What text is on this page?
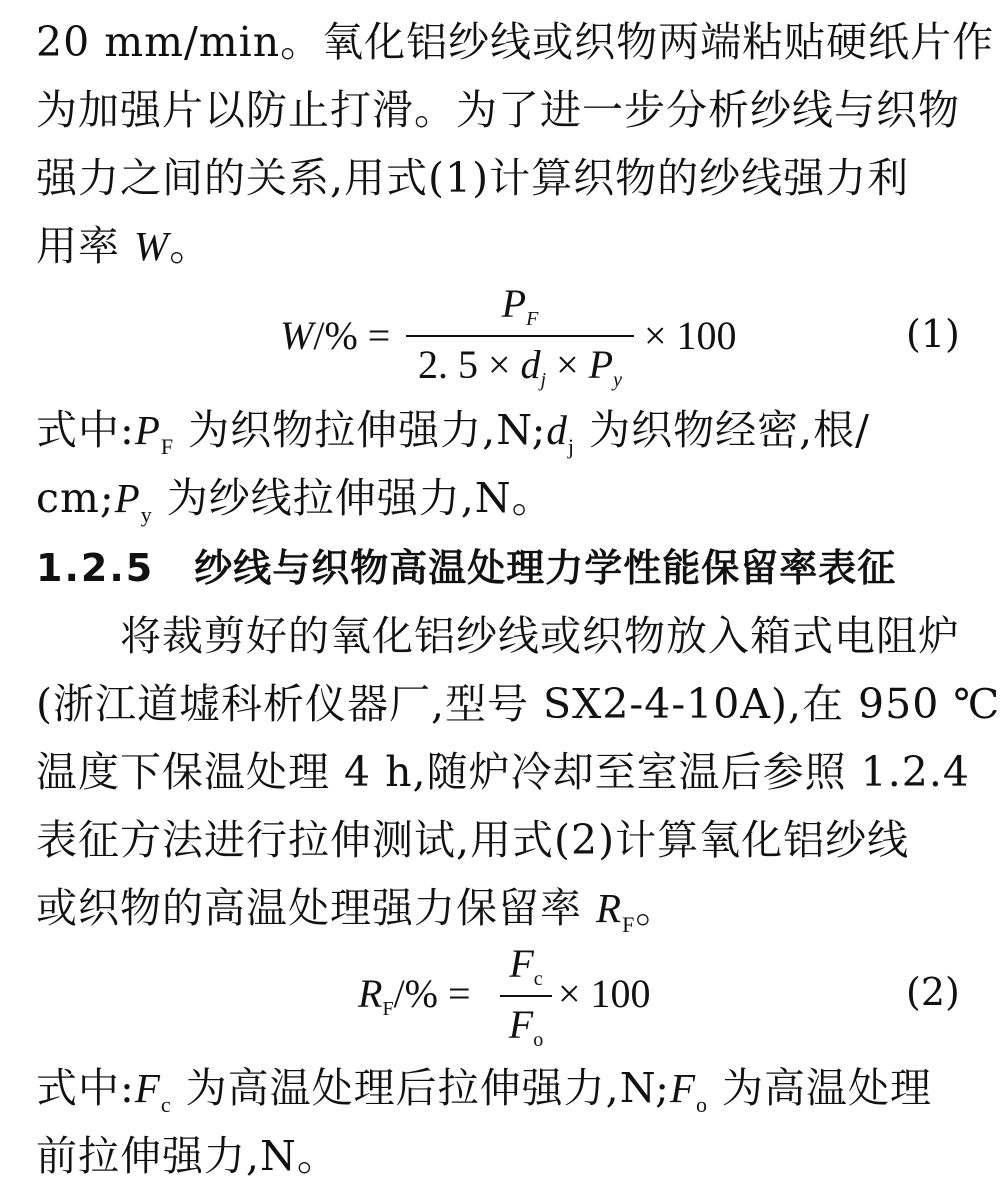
20 mm/min。氧化铝纱线或织物两端粘贴硬纸片作
为加强片以防止打滑。为了进一步分析纱线与织物
强力之间的关系,用式(1)计算织物的纱线强力利
用率 W。
W/% =
$P_F$
2. $5 \times d_j \times P_y$
× 100	(1)
式中$:P_F$ 为织物拉伸强力$,N;d_j$ 为织物经密,根/
$cm;P_y$ 为纱线拉伸强力,N。
1.2.5 纱线与织物高温处理力学性能保留率表征
将裁剪好的氧化铝纱线或织物放入箱式电阻炉
(浙江道墟科析仪器厂,型号 SX2-4-10A),在 950 ℃
温度下保温处理 4 h,随炉冷却至室温后参照 1.2.4
表征方法进行拉伸测试,用式(2)计算氧化铝纱线
或织物的高温处理强力保留率 $R_F$。
$R_F/\%$ =
$F_c$
$F_o$
× 100	(2)
式中$:F_c$ 为高温处理后拉伸强力$,N;F_o$ 为高温处理
前拉伸强力,N。
